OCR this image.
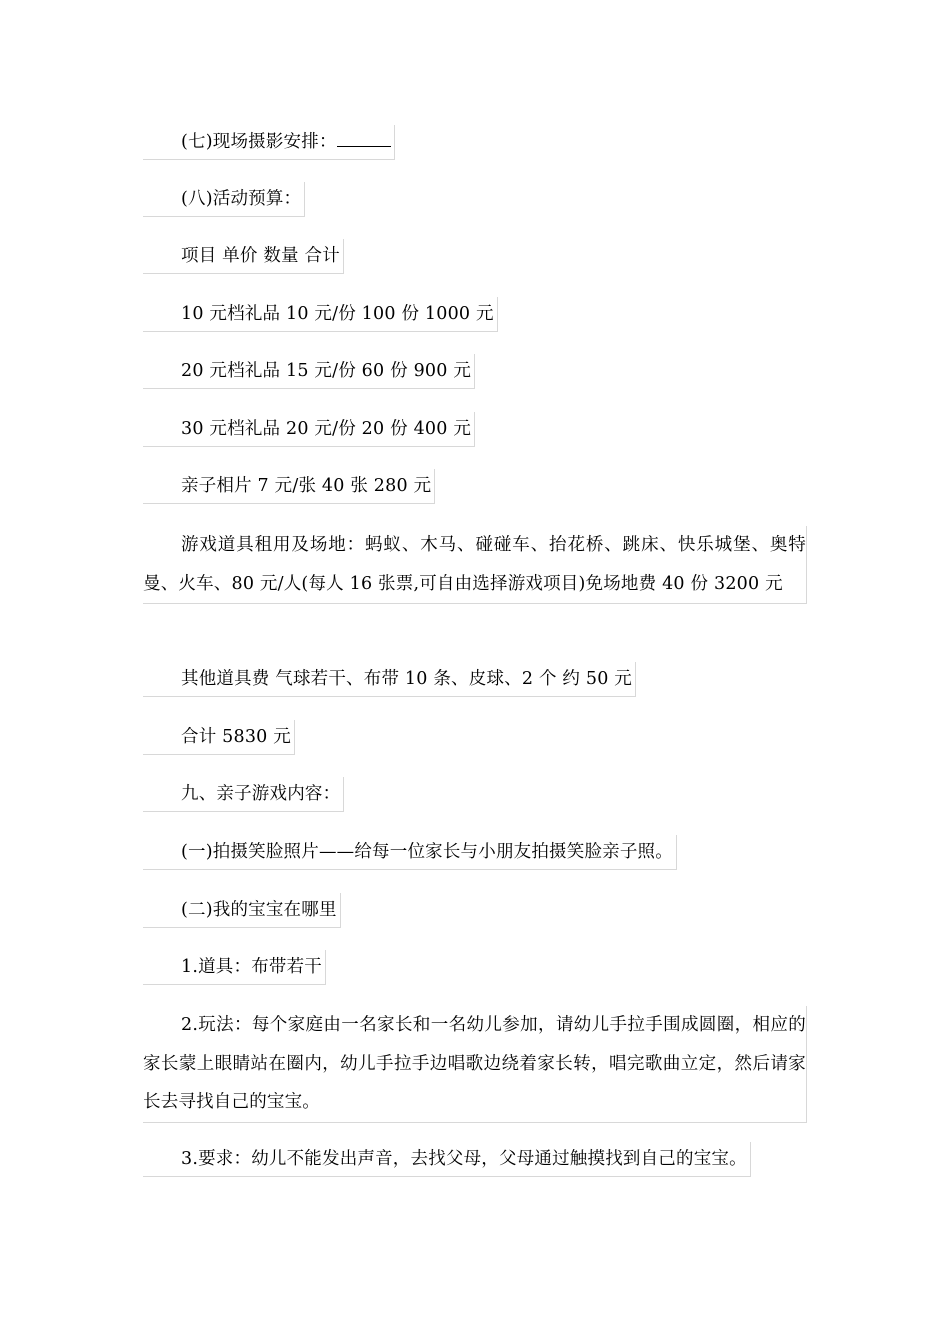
(七)现场摄影安排：
(八)活动预算：
项目 单价 数量 合计
10 元档礼品 10 元/份 100 份 1000 元
20 元档礼品 15 元/份 60 份 900 元
30 元档礼品 20 元/份 20 份 400 元
亲子相片 7 元/张 40 张 280 元
游戏道具租用及场地：蚂蚁、木马、碰碰车、抬花桥、跳床、快乐城堡、奥特曼、火车、80 元/人(每人 16 张票,可自由选择游戏项目)免场地费 40 份 3200 元
其他道具费 气球若干、布带 10 条、皮球、2 个 约 50 元
合计 5830 元
九、亲子游戏内容：
(一)拍摄笑脸照片——给每一位家长与小朋友拍摄笑脸亲子照。
(二)我的宝宝在哪里
1.道具：布带若干
2.玩法：每个家庭由一名家长和一名幼儿参加，请幼儿手拉手围成圆圈，相应的家长蒙上眼睛站在圈内，幼儿手拉手边唱歌边绕着家长转，唱完歌曲立定，然后请家长去寻找自己的宝宝。
3.要求：幼儿不能发出声音，去找父母，父母通过触摸找到自己的宝宝。
